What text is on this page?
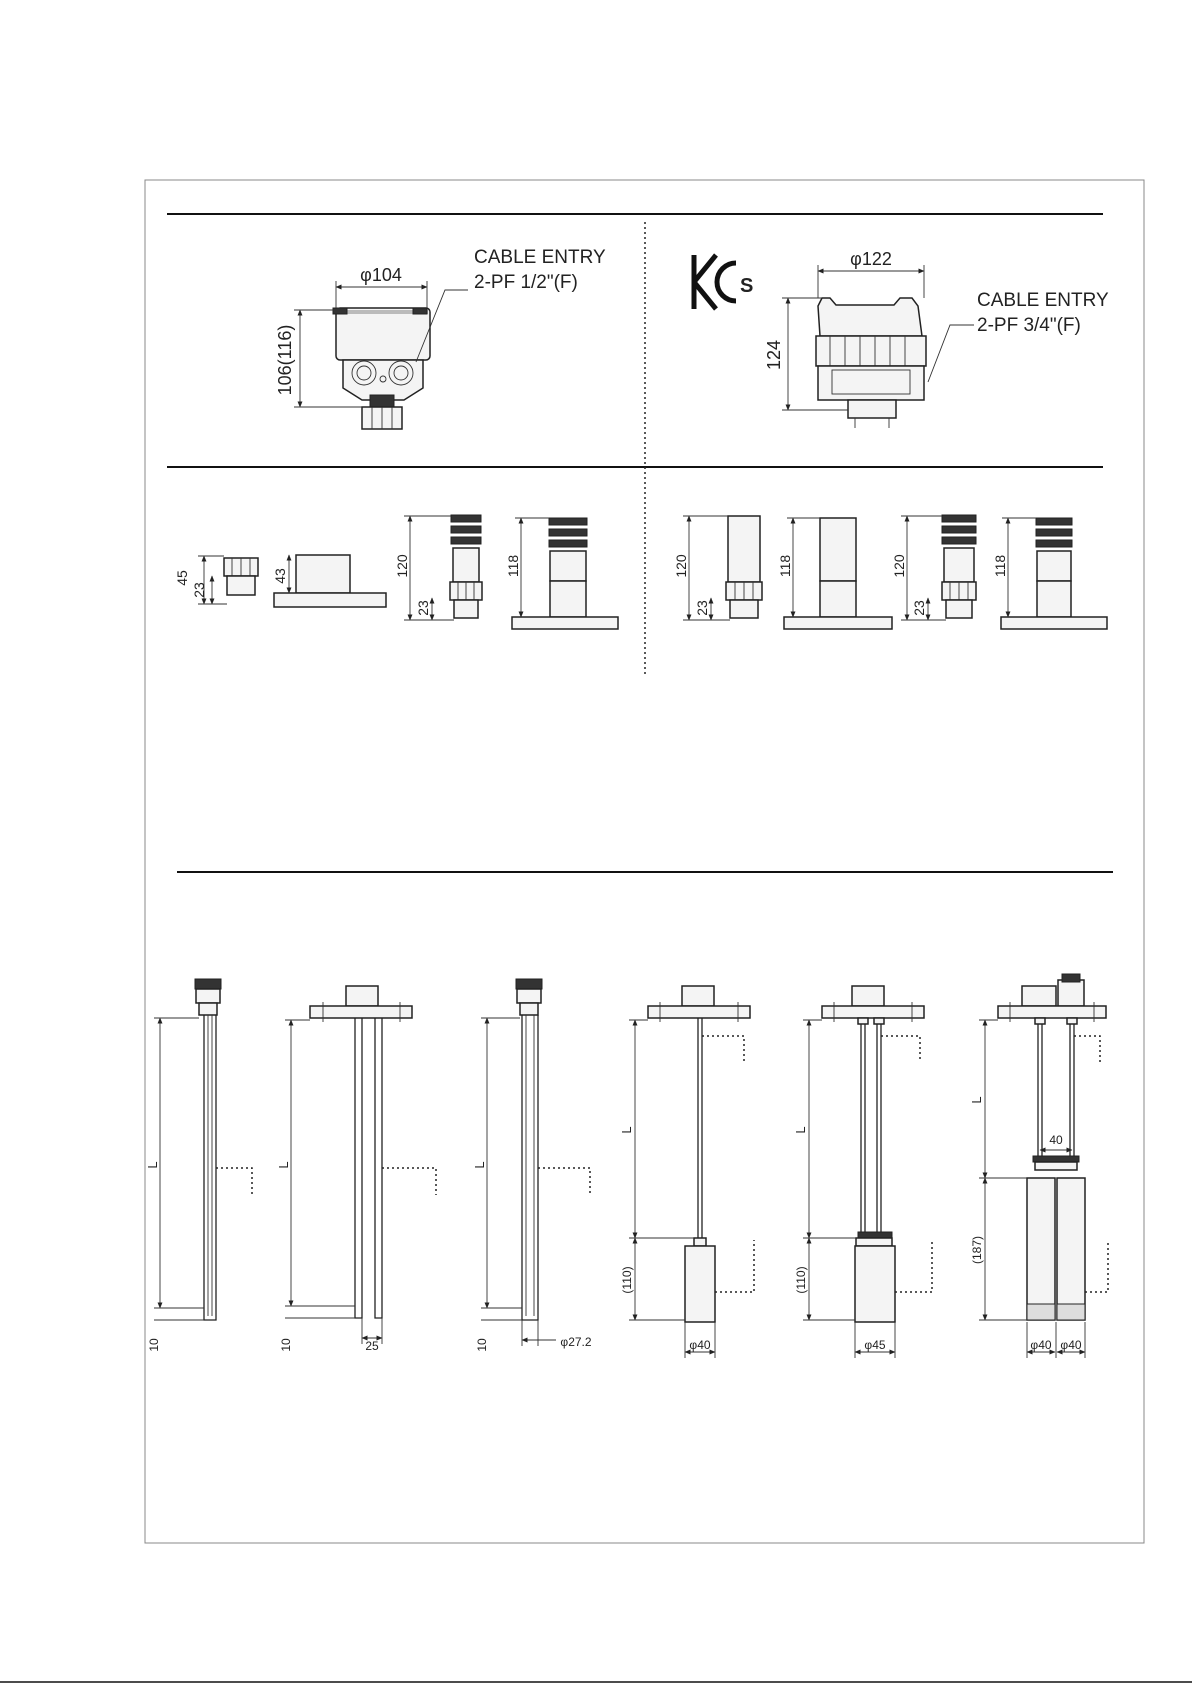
φ104
106(116)
CABLE ENTRY
2-PF 1/2"(F)	S
φ122
124
CABLE ENTRY
2-PF 3/4"(F)
45
23
43	120
23
118	120
23
118	120
23
118
L
10
L
10	25
L
10	φ27.2
L
(110)
φ40
L
(110)
φ45
40
L
(187)
φ40 φ40
